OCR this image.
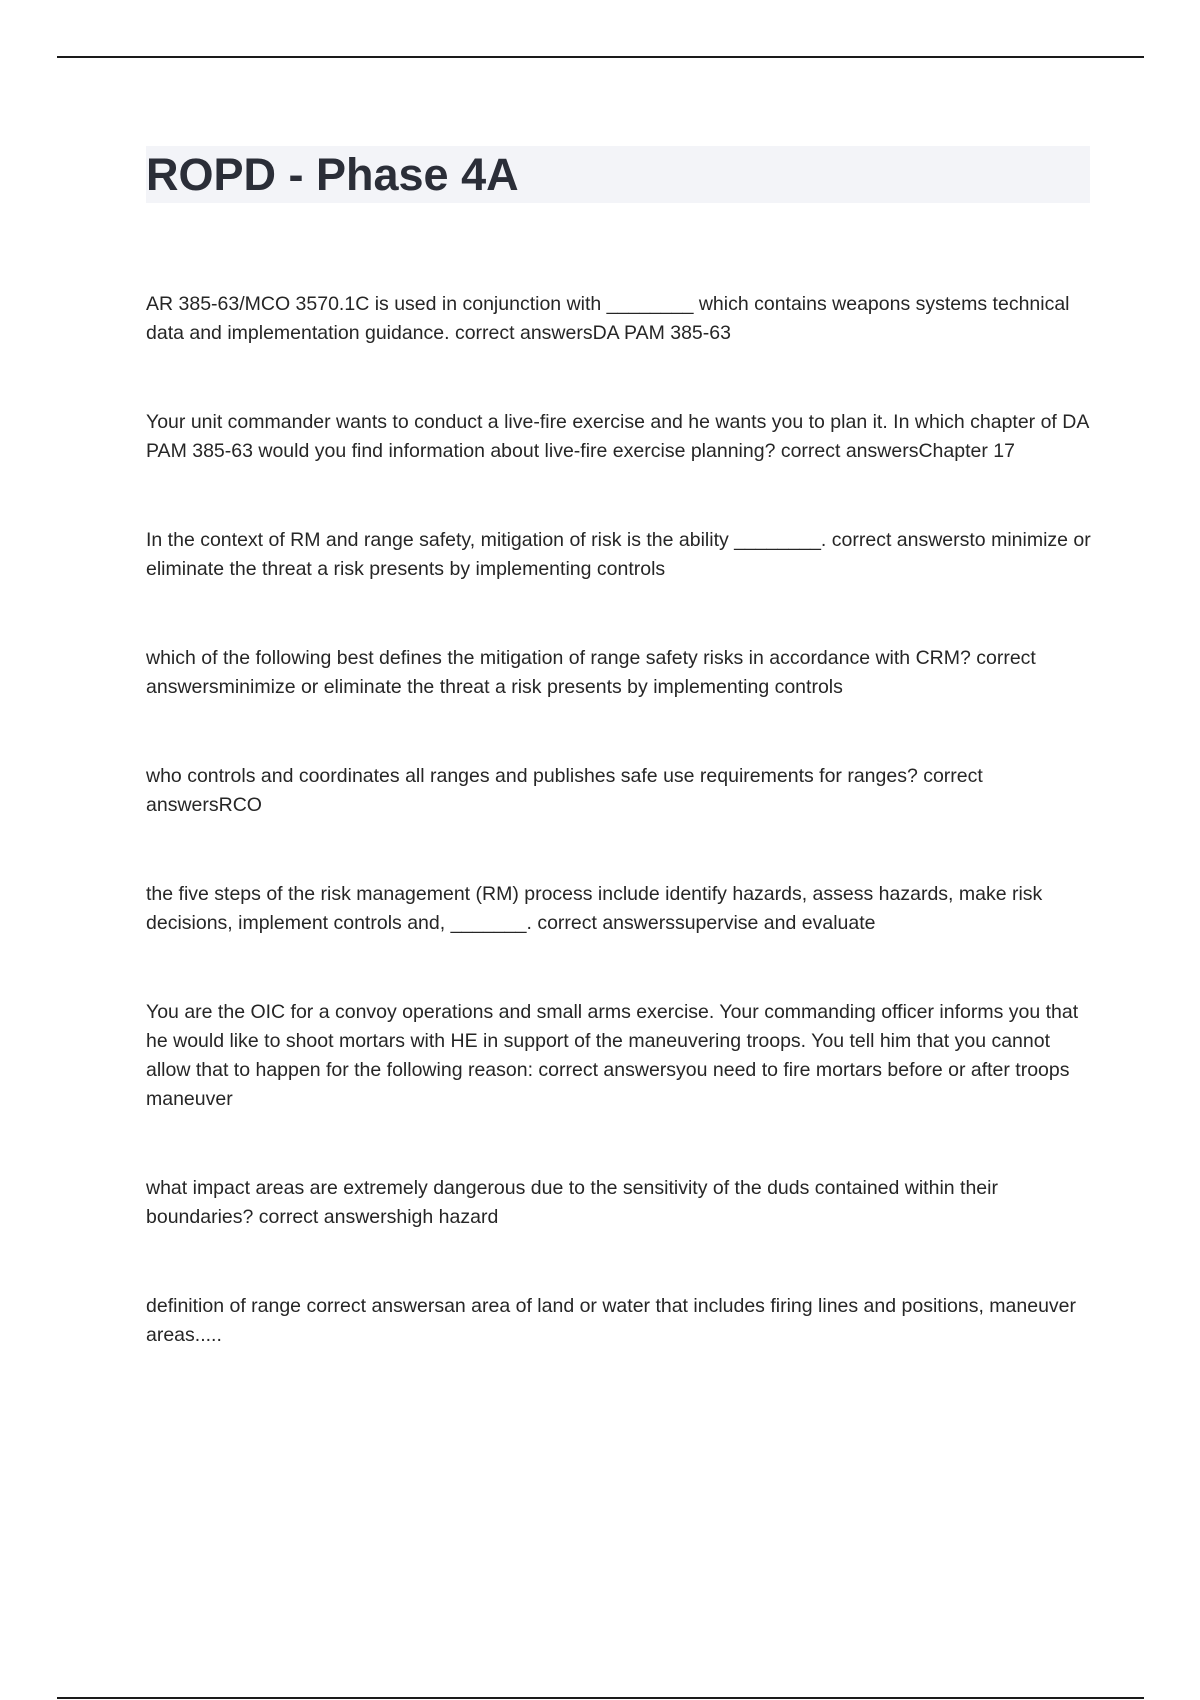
ROPD - Phase 4A

AR 385-63/MCO 3570.1C is used in conjunction with ________ which contains weapons systems technical data and implementation guidance. correct answersDA PAM 385-63

Your unit commander wants to conduct a live-fire exercise and he wants you to plan it. In which chapter of DA PAM 385-63 would you find information about live-fire exercise planning? correct answersChapter 17

In the context of RM and range safety, mitigation of risk is the ability ________. correct answersto minimize or eliminate the threat a risk presents by implementing controls

which of the following best defines the mitigation of range safety risks in accordance with CRM? correct answersminimize or eliminate the threat a risk presents by implementing controls

who controls and coordinates all ranges and publishes safe use requirements for ranges? correct answersRCO

the five steps of the risk management (RM) process include identify hazards, assess hazards, make risk decisions, implement controls and, _______. correct answerssupervise and evaluate

You are the OIC for a convoy operations and small arms exercise. Your commanding officer informs you that he would like to shoot mortars with HE in support of the maneuvering troops. You tell him that you cannot allow that to happen for the following reason: correct answersyou need to fire mortars before or after troops maneuver

what impact areas are extremely dangerous due to the sensitivity of the duds contained within their boundaries? correct answershigh hazard

definition of range correct answersan area of land or water that includes firing lines and positions, maneuver areas.....
